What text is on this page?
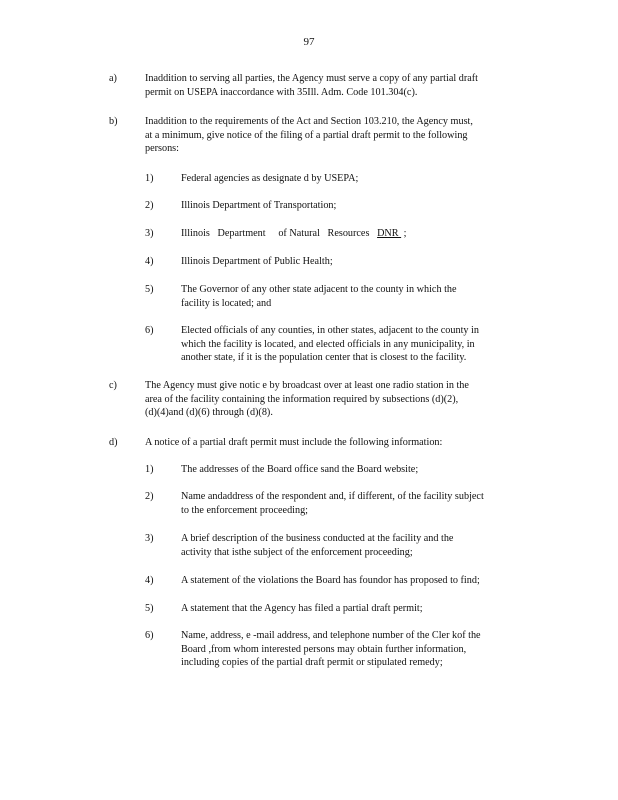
97
a)	Inaddition to serving all parties, the Agency must serve a copy of any partial draft
permit on USEPA inaccordance with 35Ill. Adm. Code 101.304(c).
b)	Inaddition to the requirements of the Act and Section 103.210, the Agency must,
at a minimum, give notice of the filing of a partial draft permit to the following
persons:
1)	Federal agencies as designate d by USEPA;
2)	Illinois Department of Transportation;
3)	Illinois   Department     of Natural   Resources   DNR  ;
4)	Illinois Department of Public Health;
5)	The Governor of any other state adjacent to the county in which the
facility is located; and
6)	Elected officials of any counties, in other states, adjacent to the county in
which the facility is located, and elected officials in any municipality, in
another state, if it is the population center that is closest to the facility.
c)	The Agency must give notic e by broadcast over at least one radio station in the
area of the facility containing the information required by subsections (d)(2),
(d)(4)and (d)(6) through (d)(8).
d)	A notice of a partial draft permit must include the following information:
1)	The addresses of the Board office sand the Board website;
2)	Name andaddress of the respondent and, if different, of the facility subject
to the enforcement proceeding;
3)	A brief description of the business conducted at the facility and the
activity that isthe subject of the enforcement proceeding;
4)	A statement of the violations the Board has foundor has proposed to find;
5)	A statement that the Agency has filed a partial draft permit;
6)	Name, address, e -mail address, and telephone number of the Cler kof the
Board ,from whom interested persons may obtain further information,
including copies of the partial draft permit or stipulated remedy;
